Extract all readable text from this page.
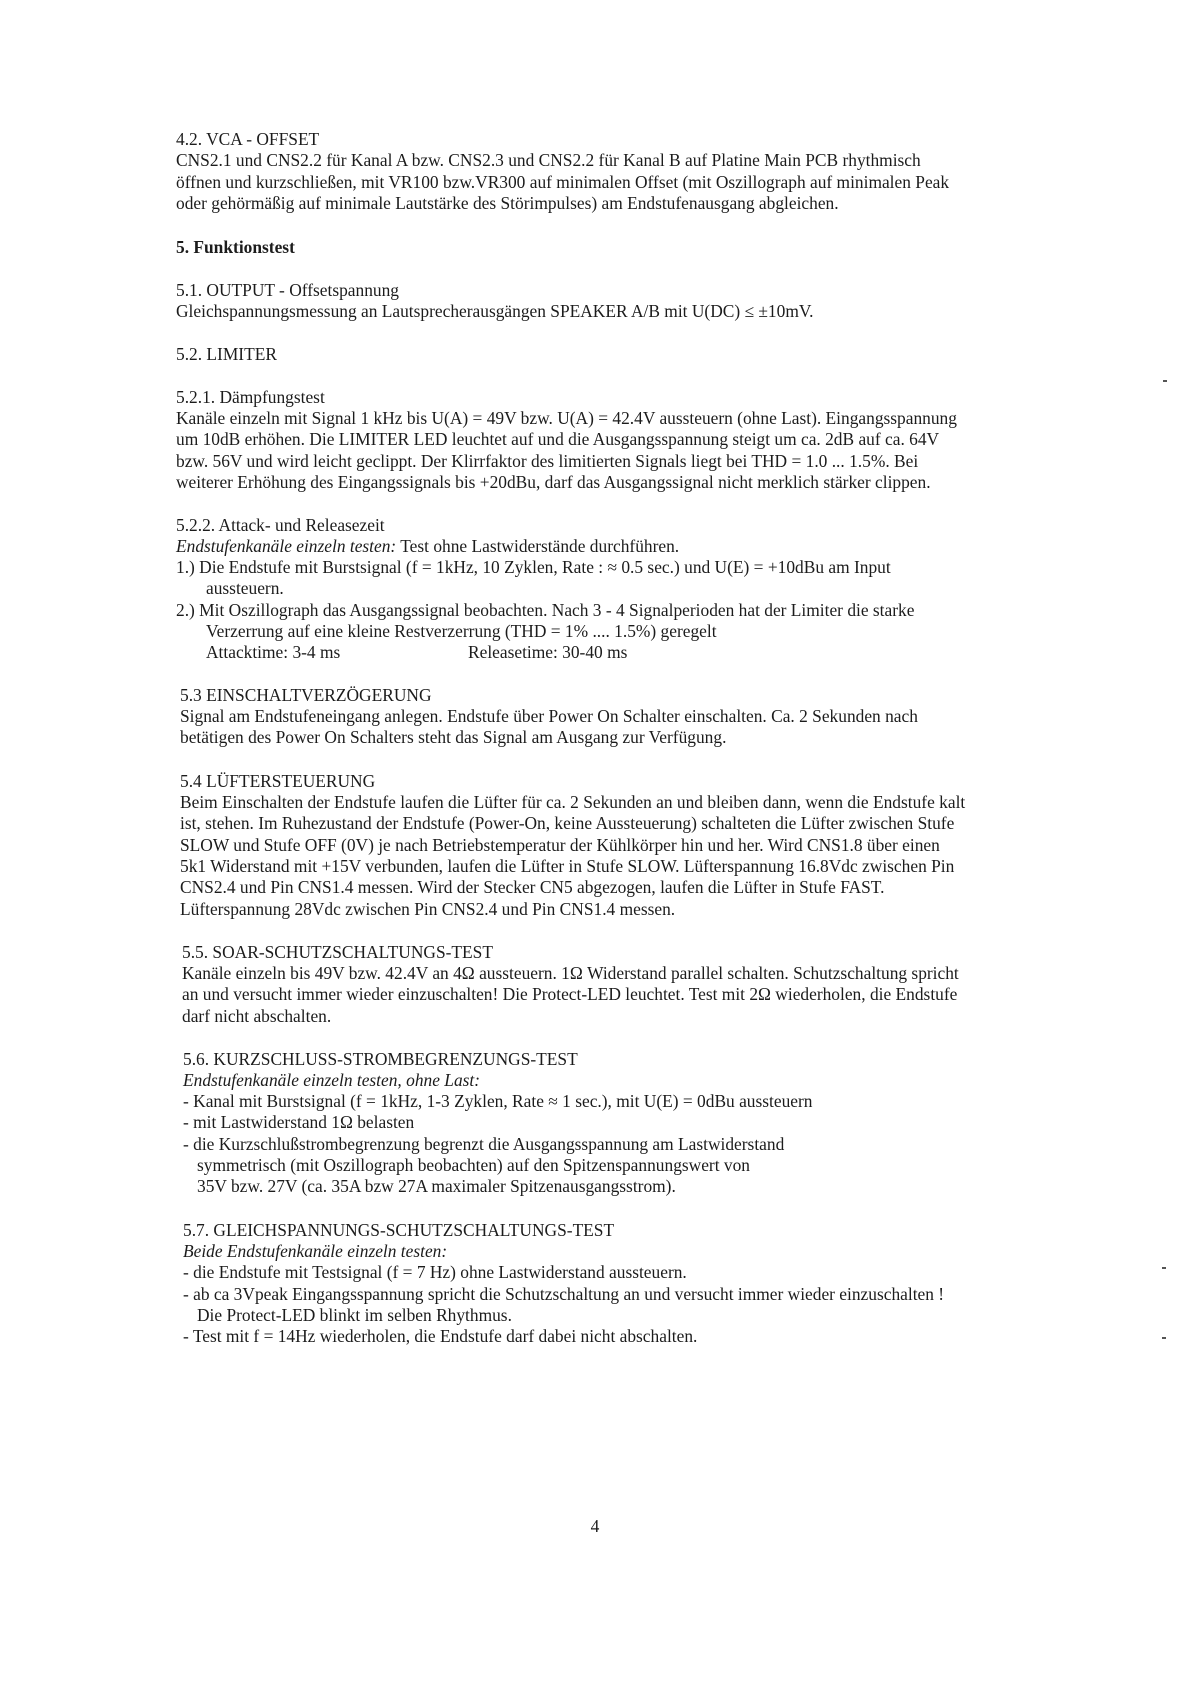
4.2. VCA - OFFSET
CNS2.1 und CNS2.2 für Kanal A bzw. CNS2.3 und CNS2.2 für Kanal B auf Platine Main PCB rhythmisch
öffnen und kurzschließen, mit VR100 bzw.VR300 auf minimalen Offset (mit Oszillograph auf minimalen Peak
oder gehörmäßig auf minimale Lautstärke des Störimpulses) am Endstufenausgang abgleichen.
5. Funktionstest
5.1. OUTPUT - Offsetspannung
Gleichspannungsmessung an Lautsprecherausgängen SPEAKER A/B mit U(DC) ≤ ±10mV.
5.2. LIMITER
5.2.1. Dämpfungstest
Kanäle einzeln mit Signal 1 kHz bis U(A) = 49V bzw. U(A) = 42.4V aussteuern (ohne Last). Eingangsspannung
um 10dB erhöhen. Die LIMITER LED leuchtet auf und die Ausgangsspannung steigt um ca. 2dB auf ca. 64V
bzw. 56V und wird leicht geclippt. Der Klirrfaktor des limitierten Signals liegt bei THD = 1.0 ... 1.5%. Bei
weiterer Erhöhung des Eingangssignals bis +20dBu, darf das Ausgangssignal nicht merklich stärker clippen.
5.2.2. Attack- und Releasezeit
Endstufenkanäle einzeln testen: Test ohne Lastwiderstände durchführen.
1.) Die Endstufe mit Burstsignal (f = 1kHz, 10 Zyklen, Rate : ≈ 0.5 sec.) und U(E) = +10dBu am Input
aussteuern.
2.) Mit Oszillograph das Ausgangssignal beobachten. Nach 3 - 4 Signalperioden hat der Limiter die starke
Verzerrung auf eine kleine Restverzerrung (THD = 1% .... 1.5%) geregelt
Attacktime: 3-4 ms	Releasetime: 30-40 ms
5.3 EINSCHALTVERZÖGERUNG
Signal am Endstufeneingang anlegen. Endstufe über Power On Schalter einschalten. Ca. 2 Sekunden nach
betätigen des Power On Schalters steht das Signal am Ausgang zur Verfügung.
5.4 LÜFTERSTEUERUNG
Beim Einschalten der Endstufe laufen die Lüfter für ca. 2 Sekunden an und bleiben dann, wenn die Endstufe kalt
ist, stehen. Im Ruhezustand der Endstufe (Power-On, keine Aussteuerung) schalteten die Lüfter zwischen Stufe
SLOW und Stufe OFF (0V) je nach Betriebstemperatur der Kühlkörper hin und her. Wird CNS1.8 über einen
5k1 Widerstand mit +15V verbunden, laufen die Lüfter in Stufe SLOW. Lüfterspannung 16.8Vdc zwischen Pin
CNS2.4 und Pin CNS1.4 messen. Wird der Stecker CN5 abgezogen, laufen die Lüfter in Stufe FAST.
Lüfterspannung 28Vdc zwischen Pin CNS2.4 und Pin CNS1.4 messen.
5.5. SOAR-SCHUTZSCHALTUNGS-TEST
Kanäle einzeln bis 49V bzw. 42.4V an 4Ω aussteuern. 1Ω Widerstand parallel schalten. Schutzschaltung spricht
an und versucht immer wieder einzuschalten! Die Protect-LED leuchtet. Test mit 2Ω wiederholen, die Endstufe
darf nicht abschalten.
5.6. KURZSCHLUSS-STROMBEGRENZUNGS-TEST
Endstufenkanäle einzeln testen, ohne Last:
- Kanal mit Burstsignal (f = 1kHz, 1-3 Zyklen, Rate ≈ 1 sec.), mit U(E) = 0dBu aussteuern
- mit Lastwiderstand 1Ω belasten
- die Kurzschlußstrombegrenzung begrenzt die Ausgangsspannung am Lastwiderstand
symmetrisch (mit Oszillograph beobachten) auf den Spitzenspannungswert von
35V bzw. 27V (ca. 35A bzw 27A maximaler Spitzenausgangsstrom).
5.7. GLEICHSPANNUNGS-SCHUTZSCHALTUNGS-TEST
Beide Endstufenkanäle einzeln testen:
- die Endstufe mit Testsignal (f = 7 Hz) ohne Lastwiderstand aussteuern.
- ab ca 3Vpeak Eingangsspannung spricht die Schutzschaltung an und versucht immer wieder einzuschalten !
Die Protect-LED blinkt im selben Rhythmus.
- Test mit f = 14Hz wiederholen, die Endstufe darf dabei nicht abschalten.
4
